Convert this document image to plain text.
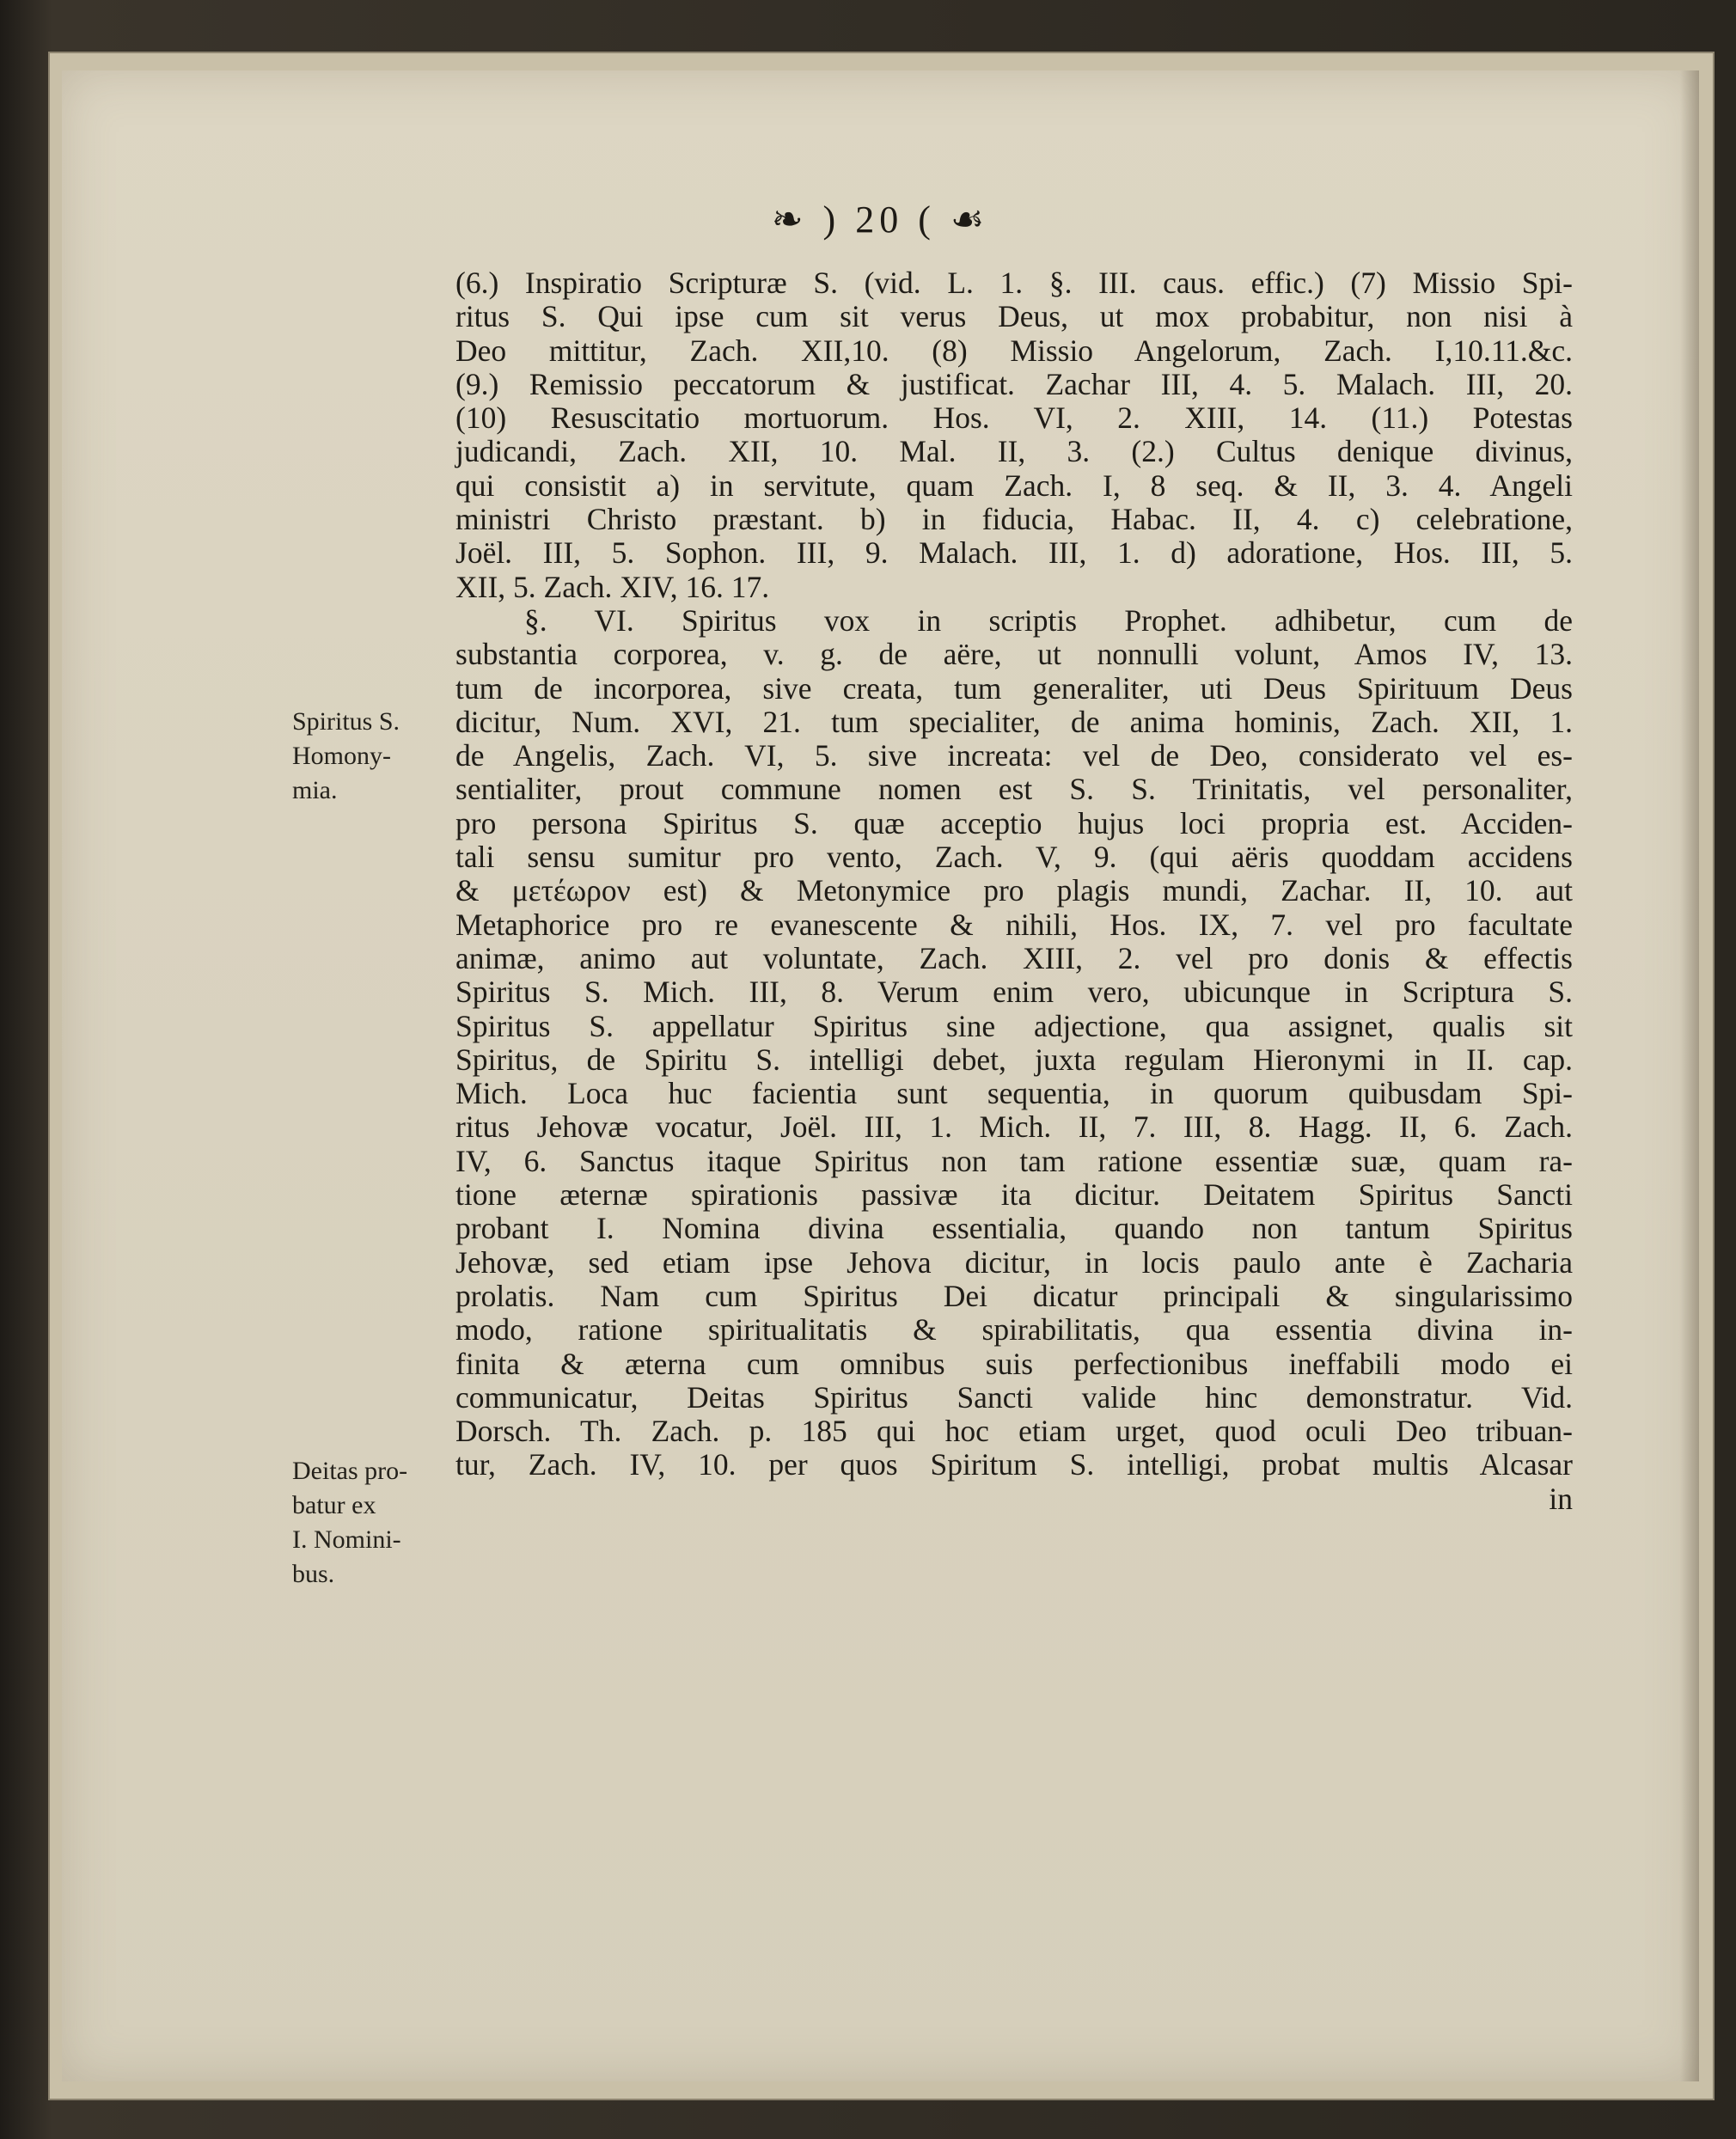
❧ ) 20 ( ☙
Spiritus S.
Homony-
mia.
Deitas pro-
batur ex
I. Nomini-
bus.
(6.) Inspiratio Scripturæ S. (vid. L. 1. §. III. caus. effic.) (7) Missio Spi-
ritus S. Qui ipse cum sit verus Deus, ut mox probabitur, non nisi à
Deo mittitur, Zach. XII,10. (8) Missio Angelorum, Zach. I,10.11.&c.
(9.) Remissio peccatorum & justificat. Zachar III, 4. 5. Malach. III, 20.
(10) Resuscitatio mortuorum. Hos. VI, 2. XIII, 14. (11.) Potestas
judicandi, Zach. XII, 10. Mal. II, 3. (2.) Cultus denique divinus,
qui consistit a) in servitute, quam Zach. I, 8 seq. & II, 3. 4. Angeli
ministri Christo præstant. b) in fiducia, Habac. II, 4. c) celebratione,
Joël. III, 5. Sophon. III, 9. Malach. III, 1. d) adoratione, Hos. III, 5.
XII, 5. Zach. XIV, 16. 17.
§. VI. Spiritus vox in scriptis Prophet. adhibetur, cum de
substantia corporea, v. g. de aëre, ut nonnulli volunt, Amos IV, 13.
tum de incorporea, sive creata, tum generaliter, uti Deus Spirituum Deus
dicitur, Num. XVI, 21. tum specialiter, de anima hominis, Zach. XII, 1.
de Angelis, Zach. VI, 5. sive increata: vel de Deo, considerato vel es-
sentialiter, prout commune nomen est S. S. Trinitatis, vel personaliter,
pro persona Spiritus S. quæ acceptio hujus loci propria est. Acciden-
tali sensu sumitur pro vento, Zach. V, 9. (qui aëris quoddam accidens
& μετέωρον est) & Metonymice pro plagis mundi, Zachar. II, 10. aut
Metaphorice pro re evanescente & nihili, Hos. IX, 7. vel pro facultate
animæ, animo aut voluntate, Zach. XIII, 2. vel pro donis & effectis
Spiritus S. Mich. III, 8. Verum enim vero, ubicunque in Scriptura S.
Spiritus S. appellatur Spiritus sine adjectione, qua assignet, qualis sit
Spiritus, de Spiritu S. intelligi debet, juxta regulam Hieronymi in II. cap.
Mich. Loca huc facientia sunt sequentia, in quorum quibusdam Spi-
ritus Jehovæ vocatur, Joël. III, 1. Mich. II, 7. III, 8. Hagg. II, 6. Zach.
IV, 6. Sanctus itaque Spiritus non tam ratione essentiæ suæ, quam ra-
tione æternæ spirationis passivæ ita dicitur. Deitatem Spiritus Sancti
probant I. Nomina divina essentialia, quando non tantum Spiritus
Jehovæ, sed etiam ipse Jehova dicitur, in locis paulo ante è Zacharia
prolatis. Nam cum Spiritus Dei dicatur principali & singularissimo
modo, ratione spiritualitatis & spirabilitatis, qua essentia divina in-
finita & æterna cum omnibus suis perfectionibus ineffabili modo ei
communicatur, Deitas Spiritus Sancti valide hinc demonstratur. Vid.
Dorsch. Th. Zach. p. 185 qui hoc etiam urget, quod oculi Deo tribuan-
tur, Zach. IV, 10. per quos Spiritum S. intelligi, probat multis Alcasar
in
